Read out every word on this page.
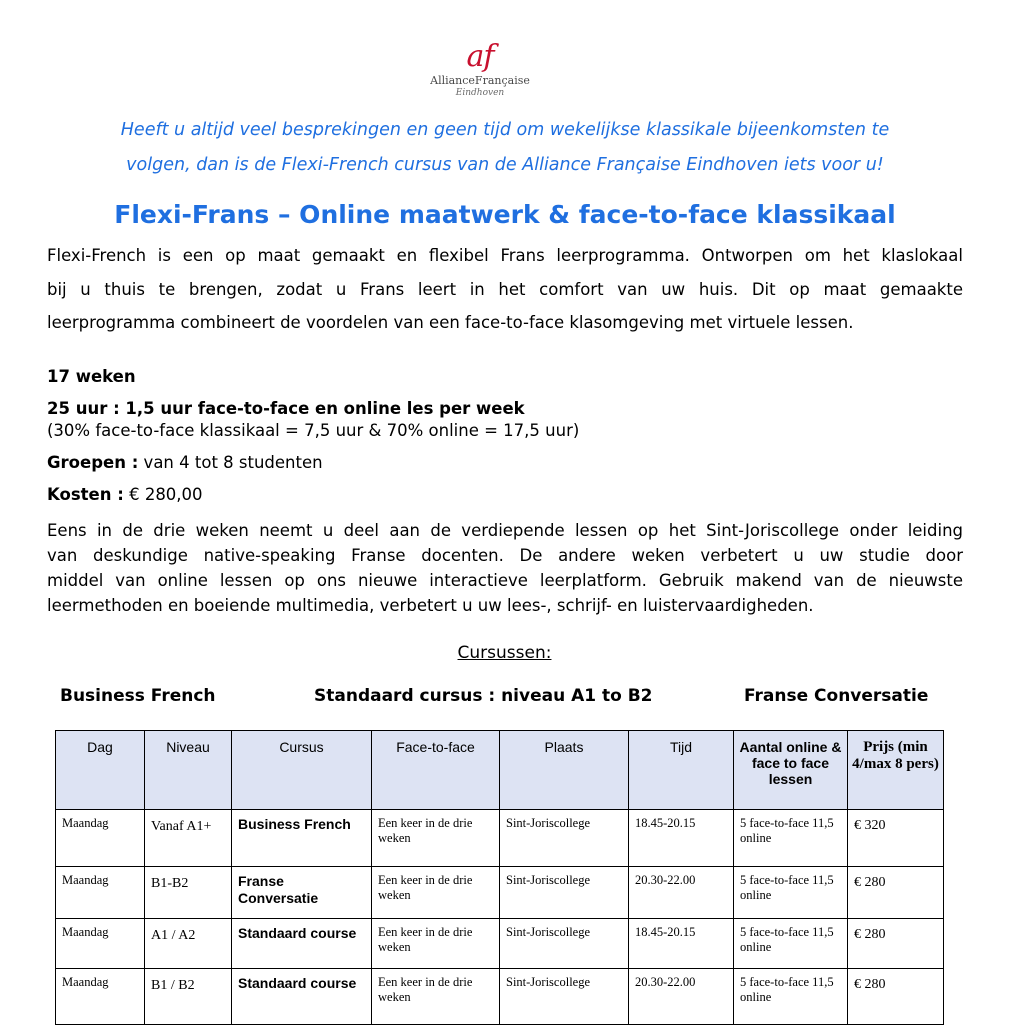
af
AllianceFrançaise
Eindhoven
Heeft u altijd veel besprekingen en geen tijd om wekelijkse klassikale bijeenkomsten te
volgen, dan is de Flexi-French cursus van de Alliance Française Eindhoven iets voor u!
Flexi-Frans – Online maatwerk & face-to-face klassikaal
Flexi-French is een op maat gemaakt en flexibel Frans leerprogramma. Ontworpen om het klaslokaal
bij u thuis te brengen, zodat u Frans leert in het comfort van uw huis. Dit op maat gemaakte
leerprogramma combineert de voordelen van een face-to-face klasomgeving met virtuele lessen.
17 weken
25 uur : 1,5 uur face-to-face en online les per week
(30% face-to-face klassikaal = 7,5 uur & 70% online = 17,5 uur)
Groepen : van 4 tot 8 studenten
Kosten : € 280,00
Eens in de drie weken neemt u deel aan de verdiepende lessen op het Sint-Joriscollege onder leiding
van deskundige native-speaking Franse docenten. De andere weken verbetert u uw studie door
middel van online lessen op ons nieuwe interactieve leerplatform. Gebruik makend van de nieuwste
leermethoden en boeiende multimedia, verbetert u uw lees-, schrijf- en luistervaardigheden.
Cursussen:
Business French	Standaard cursus : niveau A1 to B2	Franse Conversatie
Dag	Niveau	Cursus	Face-to-face	Plaats	Tijd	Aantal online & face to face lessen	Prijs (min 4/max 8 pers)
Maandag	Vanaf A1+	Business French	Een keer in de drie weken	Sint-Joriscollege	18.45-20.15	5 face-to-face 11,5 online	€ 320
Maandag	B1-B2	Franse Conversatie	Een keer in de drie weken	Sint-Joriscollege	20.30-22.00	5 face-to-face 11,5 online	€ 280
Maandag	A1 / A2	Standaard course	Een keer in de drie weken	Sint-Joriscollege	18.45-20.15	5 face-to-face 11,5 online	€ 280
Maandag	B1 / B2	Standaard course	Een keer in de drie weken	Sint-Joriscollege	20.30-22.00	5 face-to-face 11,5 online	€ 280
